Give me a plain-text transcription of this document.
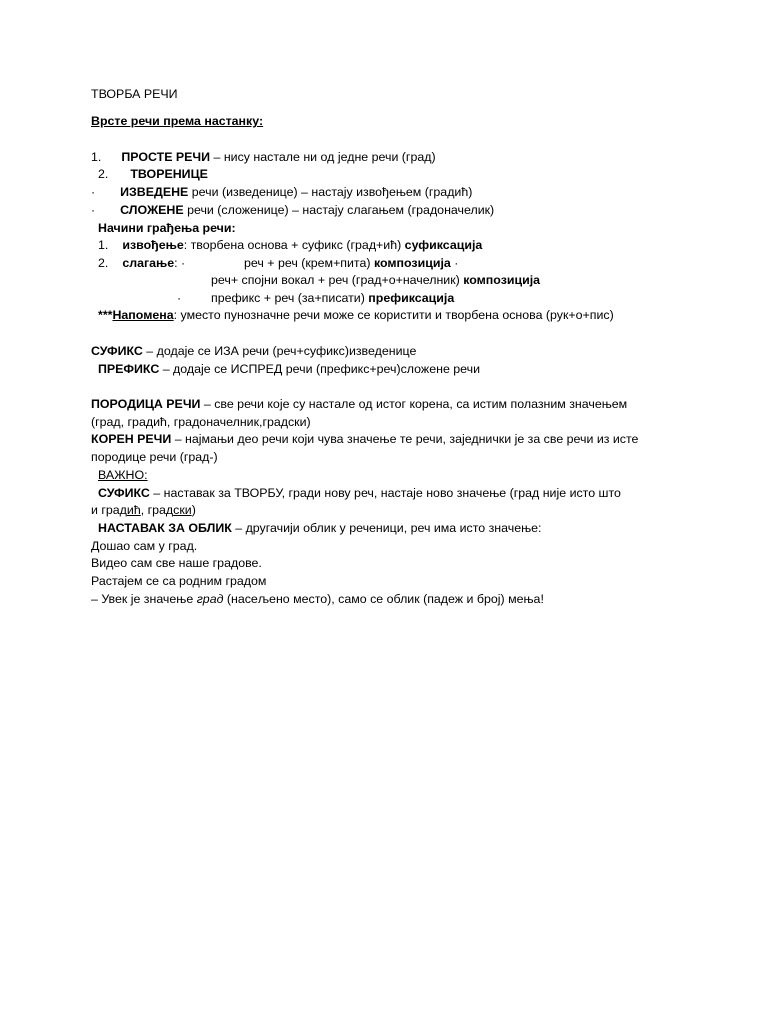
ТВОРБА РЕЧИ
Врсте речи према настанку:
1. ПРОСТЕ РЕЧИ – нису настале ни од једне речи (град)
2. ТВОРЕНИЦЕ
· ИЗВЕДЕНЕ речи (изведенице) – настају извођењем (градић)
· СЛОЖЕНЕ речи (сложенице) – настају слагањем (градоначелик)
Начини грађења речи:
1. извођење: творбена основа + суфикс (град+ић) суфиксација
2. слагање: ·	реч + реч (крем+пита) композиција ·
реч+ спојни вокал + реч (град+о+начелник) композиција
· префикс + реч (за+писати) префиксација
***Напомена: уместо пунозначне речи може се користити и творбена основа (рук+о+пис)
СУФИКС – додаје се ИЗА речи (реч+суфикс)изведенице
ПРЕФИКС – додаје се ИСПРЕД речи (префикс+реч)сложене речи
ПОРОДИЦА РЕЧИ – све речи које су настале од истог корена, са истим полазним значењем
(град, градић, градоначелник,градски)
КОРЕН РЕЧИ – најмањи део речи који чува значење те речи, заједнички је за све речи из исте
породице речи (град-)
ВАЖНО:
СУФИКС – наставак за ТВОРБУ, гради нову реч, настаје ново значење (град није исто што
и градић, градски)
НАСТАВАК ЗА ОБЛИК – другачији облик у реченици, реч има исто значење:
Дошао сам у град.
Видео сам све наше градове.
Растајем се са родним градом
– Увек је значење град (насељено место), само се облик (падеж и број) мења!
